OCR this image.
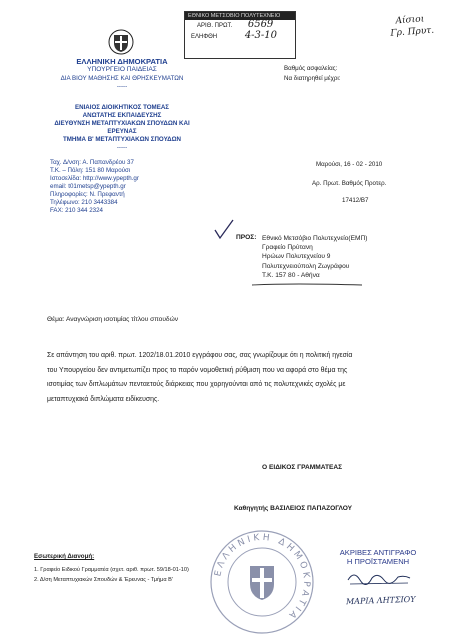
ΕΘΝΙΚΟ ΜΕΤΣΟΒΙΟ ΠΟΛΥΤΕΧΝΕΙΟ
ΑΡΙΘ. ΠΡΩΤ. 6569
ΕΛΗΦΘΗ	4-3-10
Αίσιοι
Γρ. Πρυτ.
ΕΛΛΗΝΙΚΗ ΔΗΜΟΚΡΑΤΙΑ
ΥΠΟΥΡΓΕΙΟ ΠΑΙΔΕΙΑΣ
ΔΙΑ ΒΙΟΥ ΜΑΘΗΣΗΣ ΚΑΙ ΘΡΗΣΚΕΥΜΑΤΩΝ
-----
ΕΝΙΑΙΟΣ ΔΙΟΙΚΗΤΙΚΟΣ ΤΟΜΕΑΣ
ΑΝΩΤΑΤΗΣ ΕΚΠΑΙΔΕΥΣΗΣ
ΔΙΕΥΘΥΝΣΗ ΜΕΤΑΠΤΥΧΙΑΚΩΝ ΣΠΟΥΔΩΝ ΚΑΙ
ΕΡΕΥΝΑΣ
ΤΜΗΜΑ Β' ΜΕΤΑΠΤΥΧΙΑΚΩΝ ΣΠΟΥΔΩΝ
-----
Βαθμός ασφαλείας:
Να διατηρηθεί μέχρι:
Μαρούσι, 16 - 02 - 2010
Αρ. Πρωτ. Βαθμός Προτερ.
17412/Β7
Ταχ. Δ/νση: Α. Παπανδρέου 37
Τ.Κ. – Πόλη: 151 80 Μαρούσι
Ιστοσελίδα: http://www.ypepth.gr
email: t01metsp@ypepth.gr
Πληροφορίες: Ν. Πρεφαντή
Τηλέφωνο: 210 3443384
FAX: 210 344 2324
ΠΡΟΣ: Εθνικό Μετσόβιο Πολυτεχνείο(ΕΜΠ)
Γραφείο Πρύτανη
Ηρώων Πολυτεχνείου 9
Πολυτεχνειούπολη Ζωγράφου
Τ.Κ. 157 80 - Αθήνα
Θέμα: Αναγνώριση ισοτιμίας τίτλου σπουδών
Σε απάντηση του αριθ. πρωτ. 1202/18.01.2010 εγγράφου σας, σας γνωρίζουμε ότι η πολιτική ηγεσία
του Υπουργείου δεν αντιμετωπίζει προς το παρόν νομοθετική ρύθμιση που να αφορά στο θέμα της
ισοτιμίας των διπλωμάτων πενταετούς διάρκειας που χορηγούνται από τις πολυτεχνικές σχολές με
μεταπτυχιακά διπλώματα ειδίκευσης.
Ο ΕΙΔΙΚΟΣ ΓΡΑΜΜΑΤΕΑΣ
Καθηγητής ΒΑΣΙΛΕΙΟΣ ΠΑΠΑΖΟΓΛΟΥ
ΕΛΛΗΝΙΚΗ ΔΗΜΟΚΡΑΤΙΑ
ΑΚΡΙΒΕΣ ΑΝΤΙΓΡΑΦΟ
Η ΠΡΟΪΣΤΑΜΕΝΗ
ΜΑΡΙΑ ΛΗΤΣΙΟΥ
Εσωτερική Διανομή:
1. Γραφείο Ειδικού Γραμματέα (σχετ. αριθ. πρωτ. 59/18-01-10)
2. Δ/ση Μεταπτυχιακών Σπουδών & Έρευνας - Τμήμα Β'
